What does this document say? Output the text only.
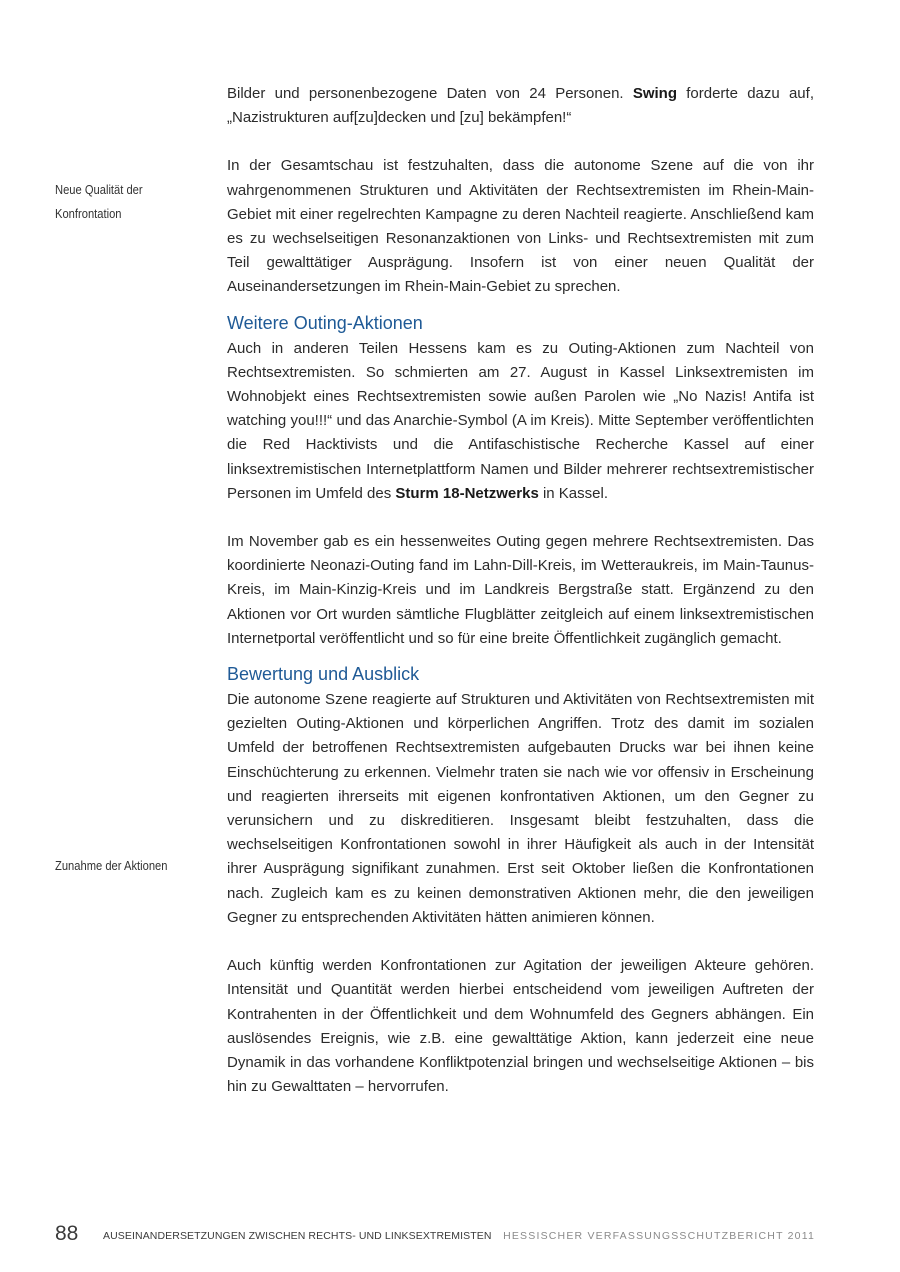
Neue Qualität der
Konfrontation
Zunahme der Aktionen

Bilder und personenbezogene Daten von 24 Personen. Swing forderte dazu auf, „Nazistrukturen auf[zu]decken und [zu] bekämpfen!“

In der Gesamtschau ist festzuhalten, dass die autonome Szene auf die von ihr wahrgenommenen Strukturen und Aktivitäten der Rechtsextremisten im Rhein-Main-Gebiet mit einer regelrechten Kampagne zu deren Nachteil reagierte. Anschließend kam es zu wechselseitigen Resonanzaktionen von Links- und Rechtsextremisten mit zum Teil gewalttätiger Ausprägung. Insofern ist von einer neuen Qualität der Auseinandersetzungen im Rhein-Main-Gebiet zu sprechen.

Weitere Outing-Aktionen

Auch in anderen Teilen Hessens kam es zu Outing-Aktionen zum Nachteil von Rechtsextremisten. So schmierten am 27. August in Kassel Linksextremisten im Wohnobjekt eines Rechtsextremisten sowie außen Parolen wie „No Nazis! Antifa ist watching you!!!“ und das Anarchie-Symbol (A im Kreis). Mitte September veröffentlichten die Red Hacktivists und die Antifaschistische Recherche Kassel auf einer linksextremistischen Internetplattform Namen und Bilder mehrerer rechtsextremistischer Personen im Umfeld des Sturm 18-Netzwerks in Kassel.

Im November gab es ein hessenweites Outing gegen mehrere Rechtsextremisten. Das koordinierte Neonazi-Outing fand im Lahn-Dill-Kreis, im Wetteraukreis, im Main-Taunus-Kreis, im Main-Kinzig-Kreis und im Landkreis Bergstraße statt. Ergänzend zu den Aktionen vor Ort wurden sämtliche Flugblätter zeitgleich auf einem linksextremistischen Internetportal veröffentlicht und so für eine breite Öffentlichkeit zugänglich gemacht.

Bewertung und Ausblick

Die autonome Szene reagierte auf Strukturen und Aktivitäten von Rechtsextremisten mit gezielten Outing-Aktionen und körperlichen Angriffen. Trotz des damit im sozialen Umfeld der betroffenen Rechtsextremisten aufgebauten Drucks war bei ihnen keine Einschüchterung zu erkennen. Vielmehr traten sie nach wie vor offensiv in Erscheinung und reagierten ihrerseits mit eigenen konfrontativen Aktionen, um den Gegner zu verunsichern und zu diskreditieren. Insgesamt bleibt festzuhalten, dass die wechselseitigen Konfrontationen sowohl in ihrer Häufigkeit als auch in der Intensität ihrer Ausprägung signifikant zunahmen. Erst seit Oktober ließen die Konfrontationen nach. Zugleich kam es zu keinen demonstrativen Aktionen mehr, die den jeweiligen Gegner zu entsprechenden Aktivitäten hätten animieren können.

Auch künftig werden Konfrontationen zur Agitation der jeweiligen Akteure gehören. Intensität und Quantität werden hierbei entscheidend vom jeweiligen Auftreten der Kontrahenten in der Öffentlichkeit und dem Wohnumfeld des Gegners abhängen. Ein auslösendes Ereignis, wie z.B. eine gewalttätige Aktion, kann jederzeit eine neue Dynamik in das vorhandene Konfliktpotenzial bringen und wechselseitige Aktionen – bis hin zu Gewalttaten – hervorrufen.

88 AUSEINANDERSETZUNGEN ZWISCHEN RECHTS- UND LINKSEXTREMISTEN HESSISCHER VERFASSUNGSSCHUTZBERICHT 2011
